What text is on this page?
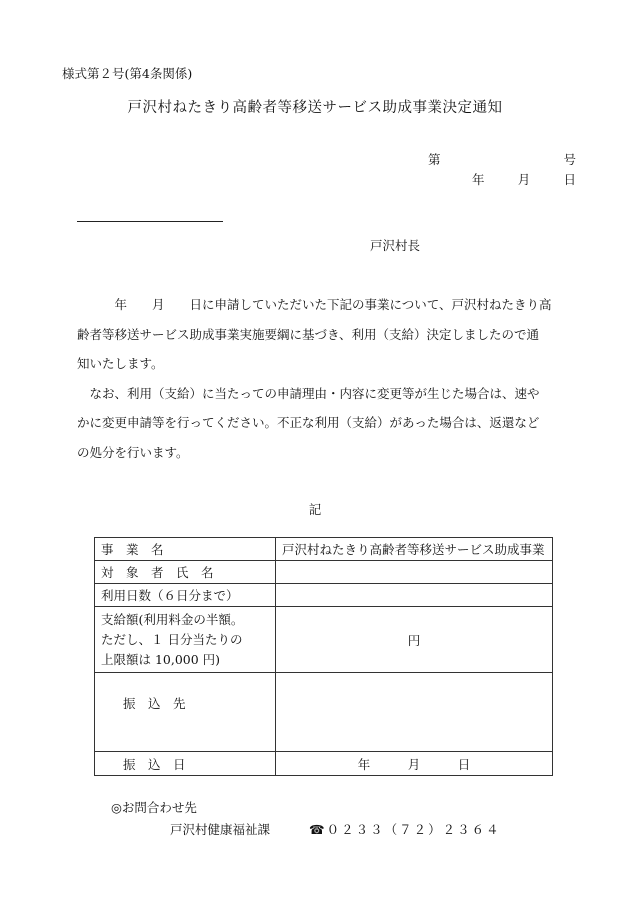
様式第２号(第4条関係)
戸沢村ねたきり高齢者等移送サービス助成事業決定通知
第	号
年	月	日
戸沢村長

　　　年　　月　　日に申請していただいた下記の事業について、戸沢村ねたきり高

齢者等移送サービス助成事業実施要綱に基づき、利用（支給）決定しましたので通

知いたします。

　なお、利用（支給）に当たっての申請理由・内容に変更等が生じた場合は、速や

かに変更申請等を行ってください。不正な利用（支給）があった場合は、返還など

の処分を行います。

記
事　業　名	戸沢村ねたきり高齢者等移送サービス助成事業
対　象　者　氏　名	
利用日数（６日分まで）	

支給額(利用料金の半額。
ただし、１ 日分当たりの
上限額は 10,000 円)	円
振　込　先	
振　込　日	年　　　月　　　日
◎お問合わせ先
戸沢村健康福祉課	☎０２３３（７２）２３６４
